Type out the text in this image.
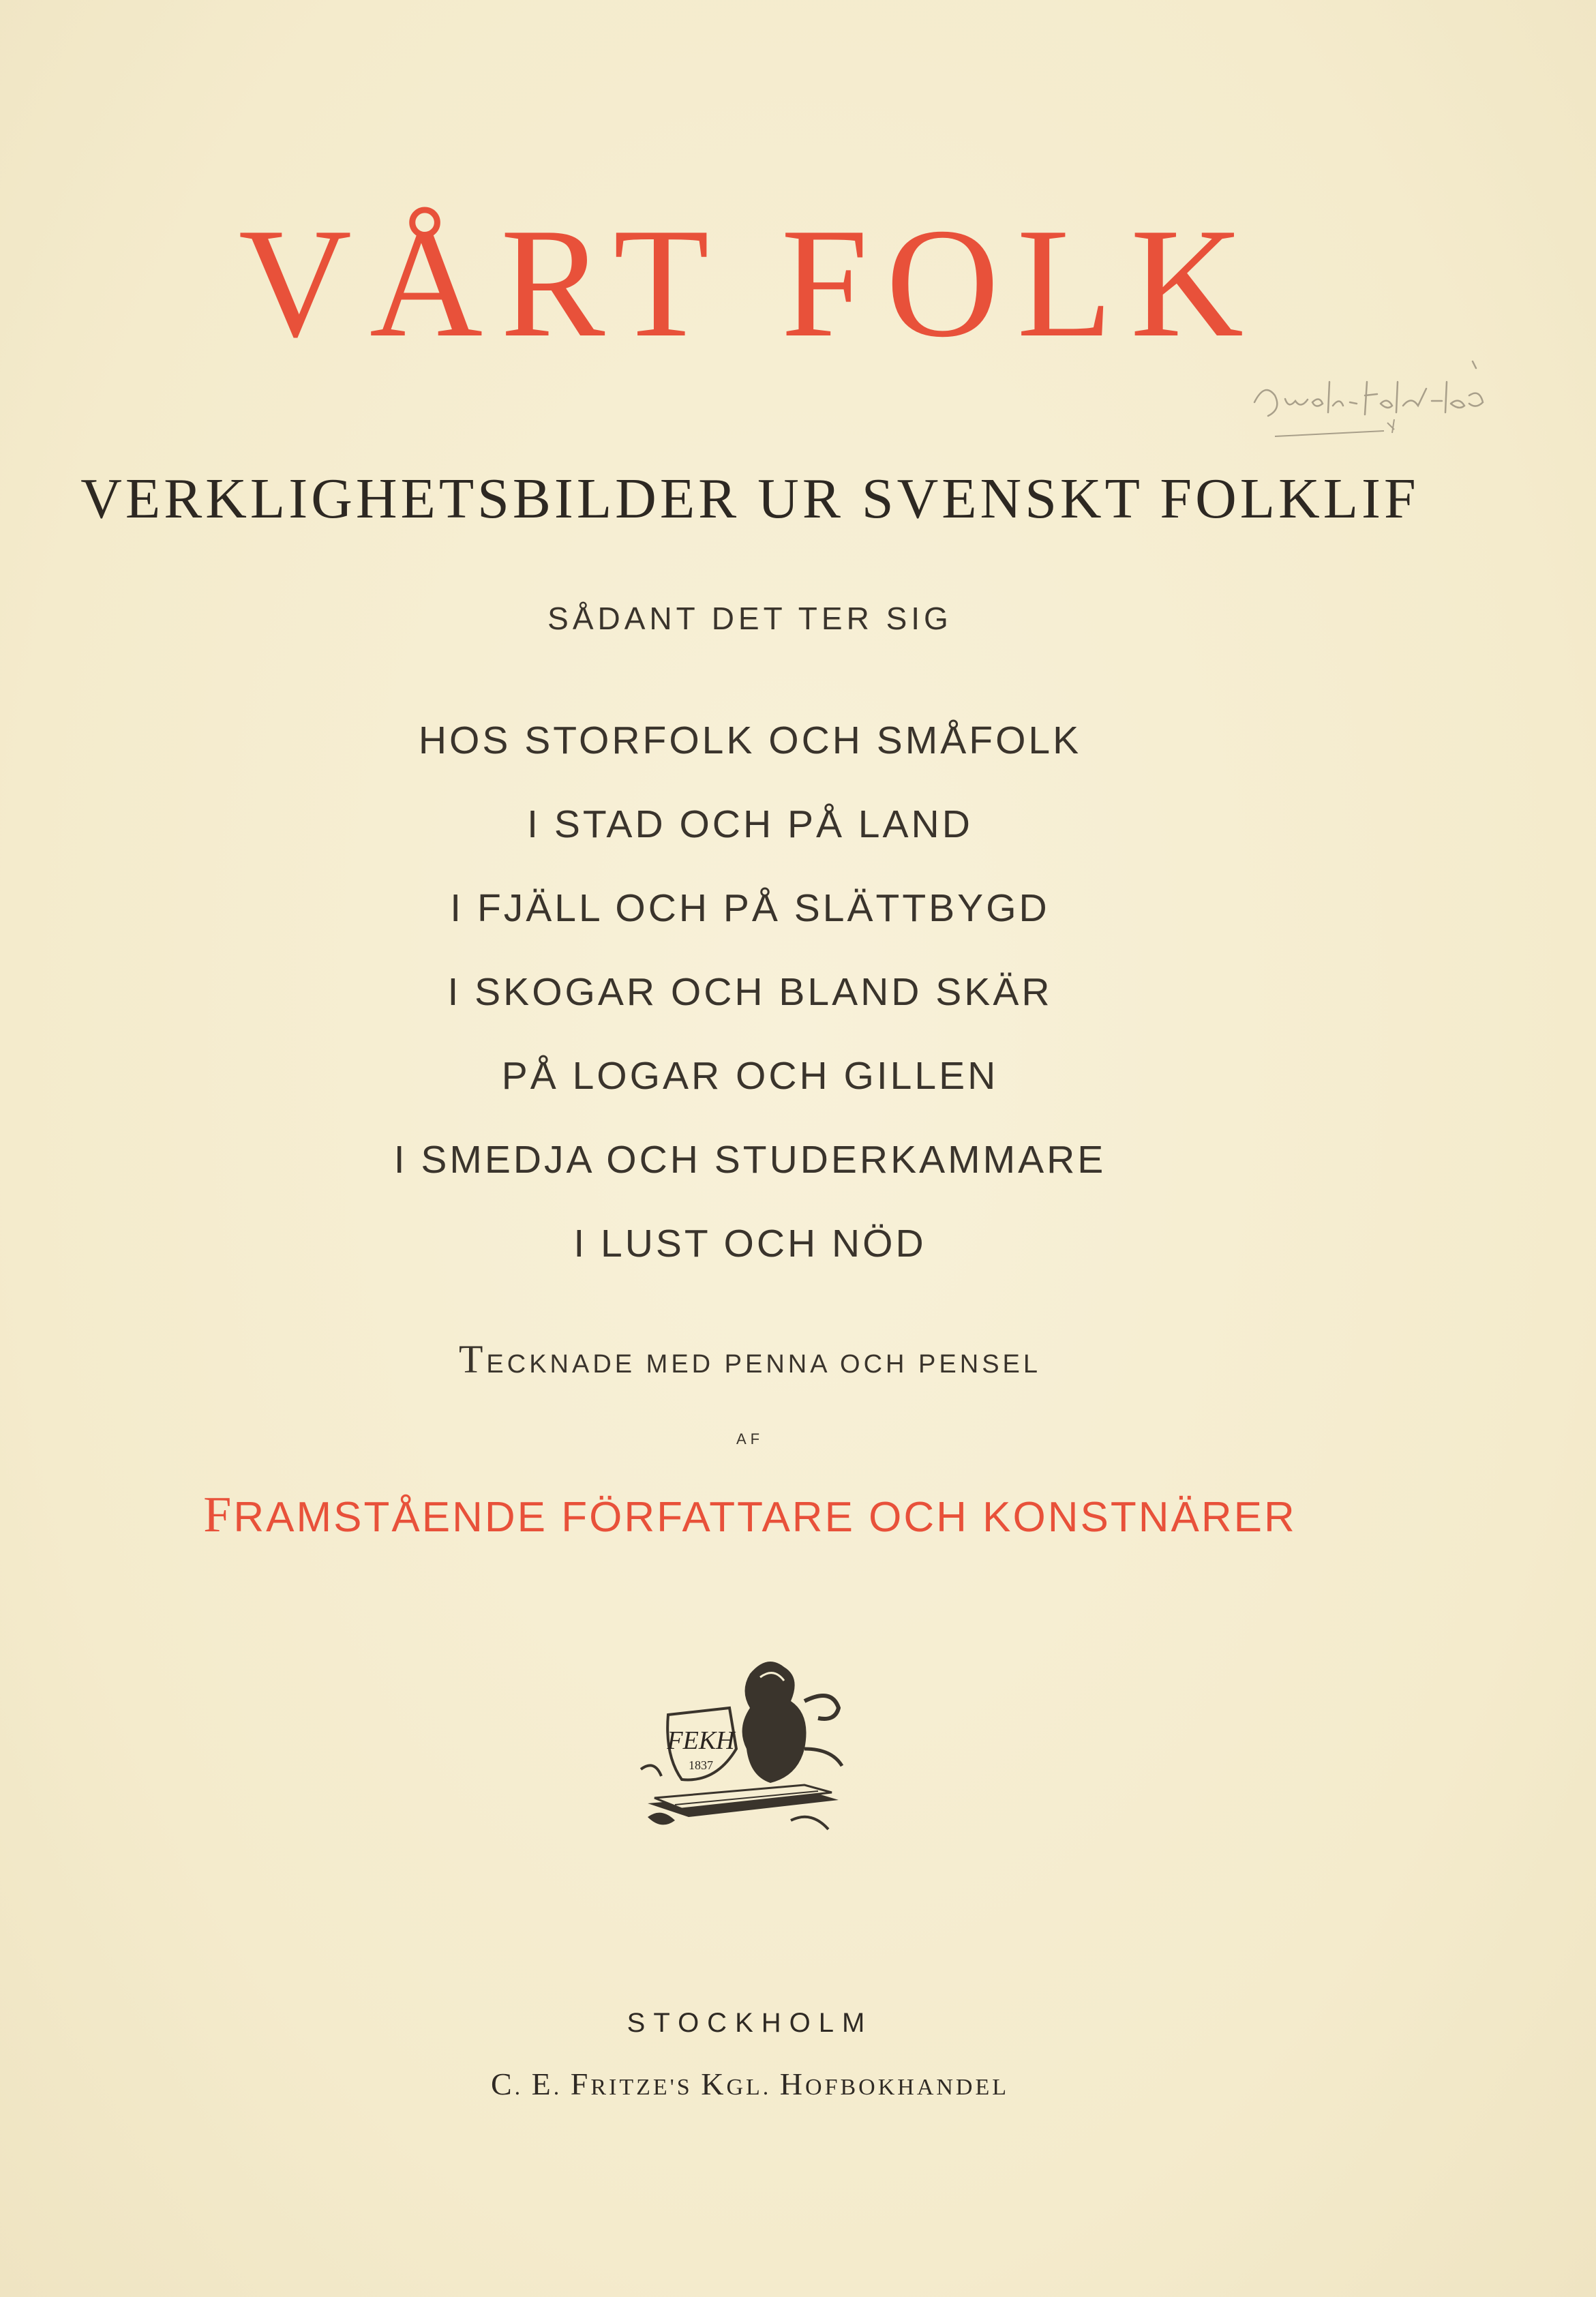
VÅRT FOLK
VERKLIGHETSBILDER UR SVENSKT FOLKLIF
SÅDANT DET TER SIG
HOS STORFOLK OCH SMÅFOLK
I STAD OCH PÅ LAND
I FJÄLL OCH PÅ SLÄTTBYGD
I SKOGAR OCH BLAND SKÄR
PÅ LOGAR OCH GILLEN
I SMEDJA OCH STUDERKAMMARE
I LUST OCH NÖD
TECKNADE MED PENNA OCH PENSEL
AF
FRAMSTÅENDE FÖRFATTARE OCH KONSTNÄRER
FEKH
1837
STOCKHOLM
C. E. FRITZE'S KGL. HOFBOKHANDEL
